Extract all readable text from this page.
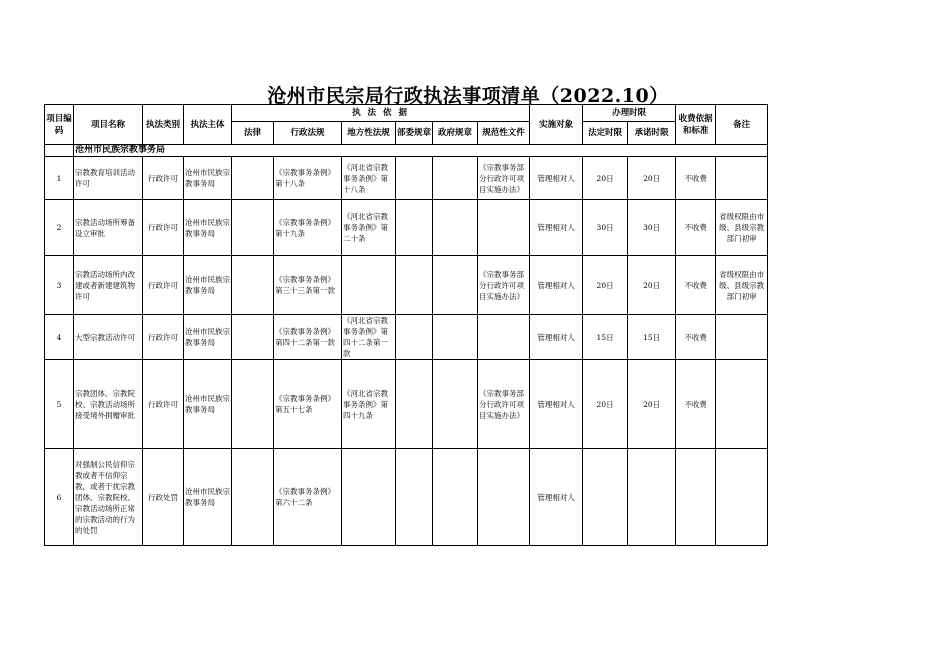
沧州市民宗局行政执法事项清单（2022.10）
项目编码	项目名称	执法类别	执法主体	执 法 依 据						实施对象	办理时限		收费依据和标准	备注
				法律	行政法规	地方性法规	部委规章	政府规章	规范性文件		法定时限	承诺时限		
	沧州市民族宗教事务局													
1	宗教教育培训活动许可	行政许可	沧州市民族宗教事务局		《宗教事务条例》第十八条	《河北省宗教事务条例》第十八条			《宗教事务部分行政许可项目实施办法》	管理相对人	20日	20日	不收费	
2	宗教活动场所筹备设立审批	行政许可	沧州市民族宗教事务局		《宗教事务条例》第十九条	《河北省宗教事务条例》第二十条				管理相对人	30日	30日	不收费	省级权限由市级、县级宗教部门初审
3	宗教活动场所内改建或者新建建筑物许可	行政许可	沧州市民族宗教事务局		《宗教事务条例》第三十三条第一款				《宗教事务部分行政许可项目实施办法》	管理相对人	20日	20日	不收费	省级权限由市级、县级宗教部门初审
4	大型宗教活动许可	行政许可	沧州市民族宗教事务局		《宗教事务条例》第四十二条第一款	《河北省宗教事务条例》第四十二条第一款				管理相对人	15日	15日	不收费	
5	宗教团体、宗教院校、宗教活动场所接受境外捐赠审批	行政许可	沧州市民族宗教事务局		《宗教事务条例》第五十七条	《河北省宗教事务条例》第四十九条			《宗教事务部分行政许可项目实施办法》	管理相对人	20日	20日	不收费	
6	对强制公民信仰宗教或者不信仰宗教，或者干扰宗教团体、宗教院校、宗教活动场所正常的宗教活动的行为的处罚	行政处罚	沧州市民族宗教事务局		《宗教事务条例》第六十二条					管理相对人				
